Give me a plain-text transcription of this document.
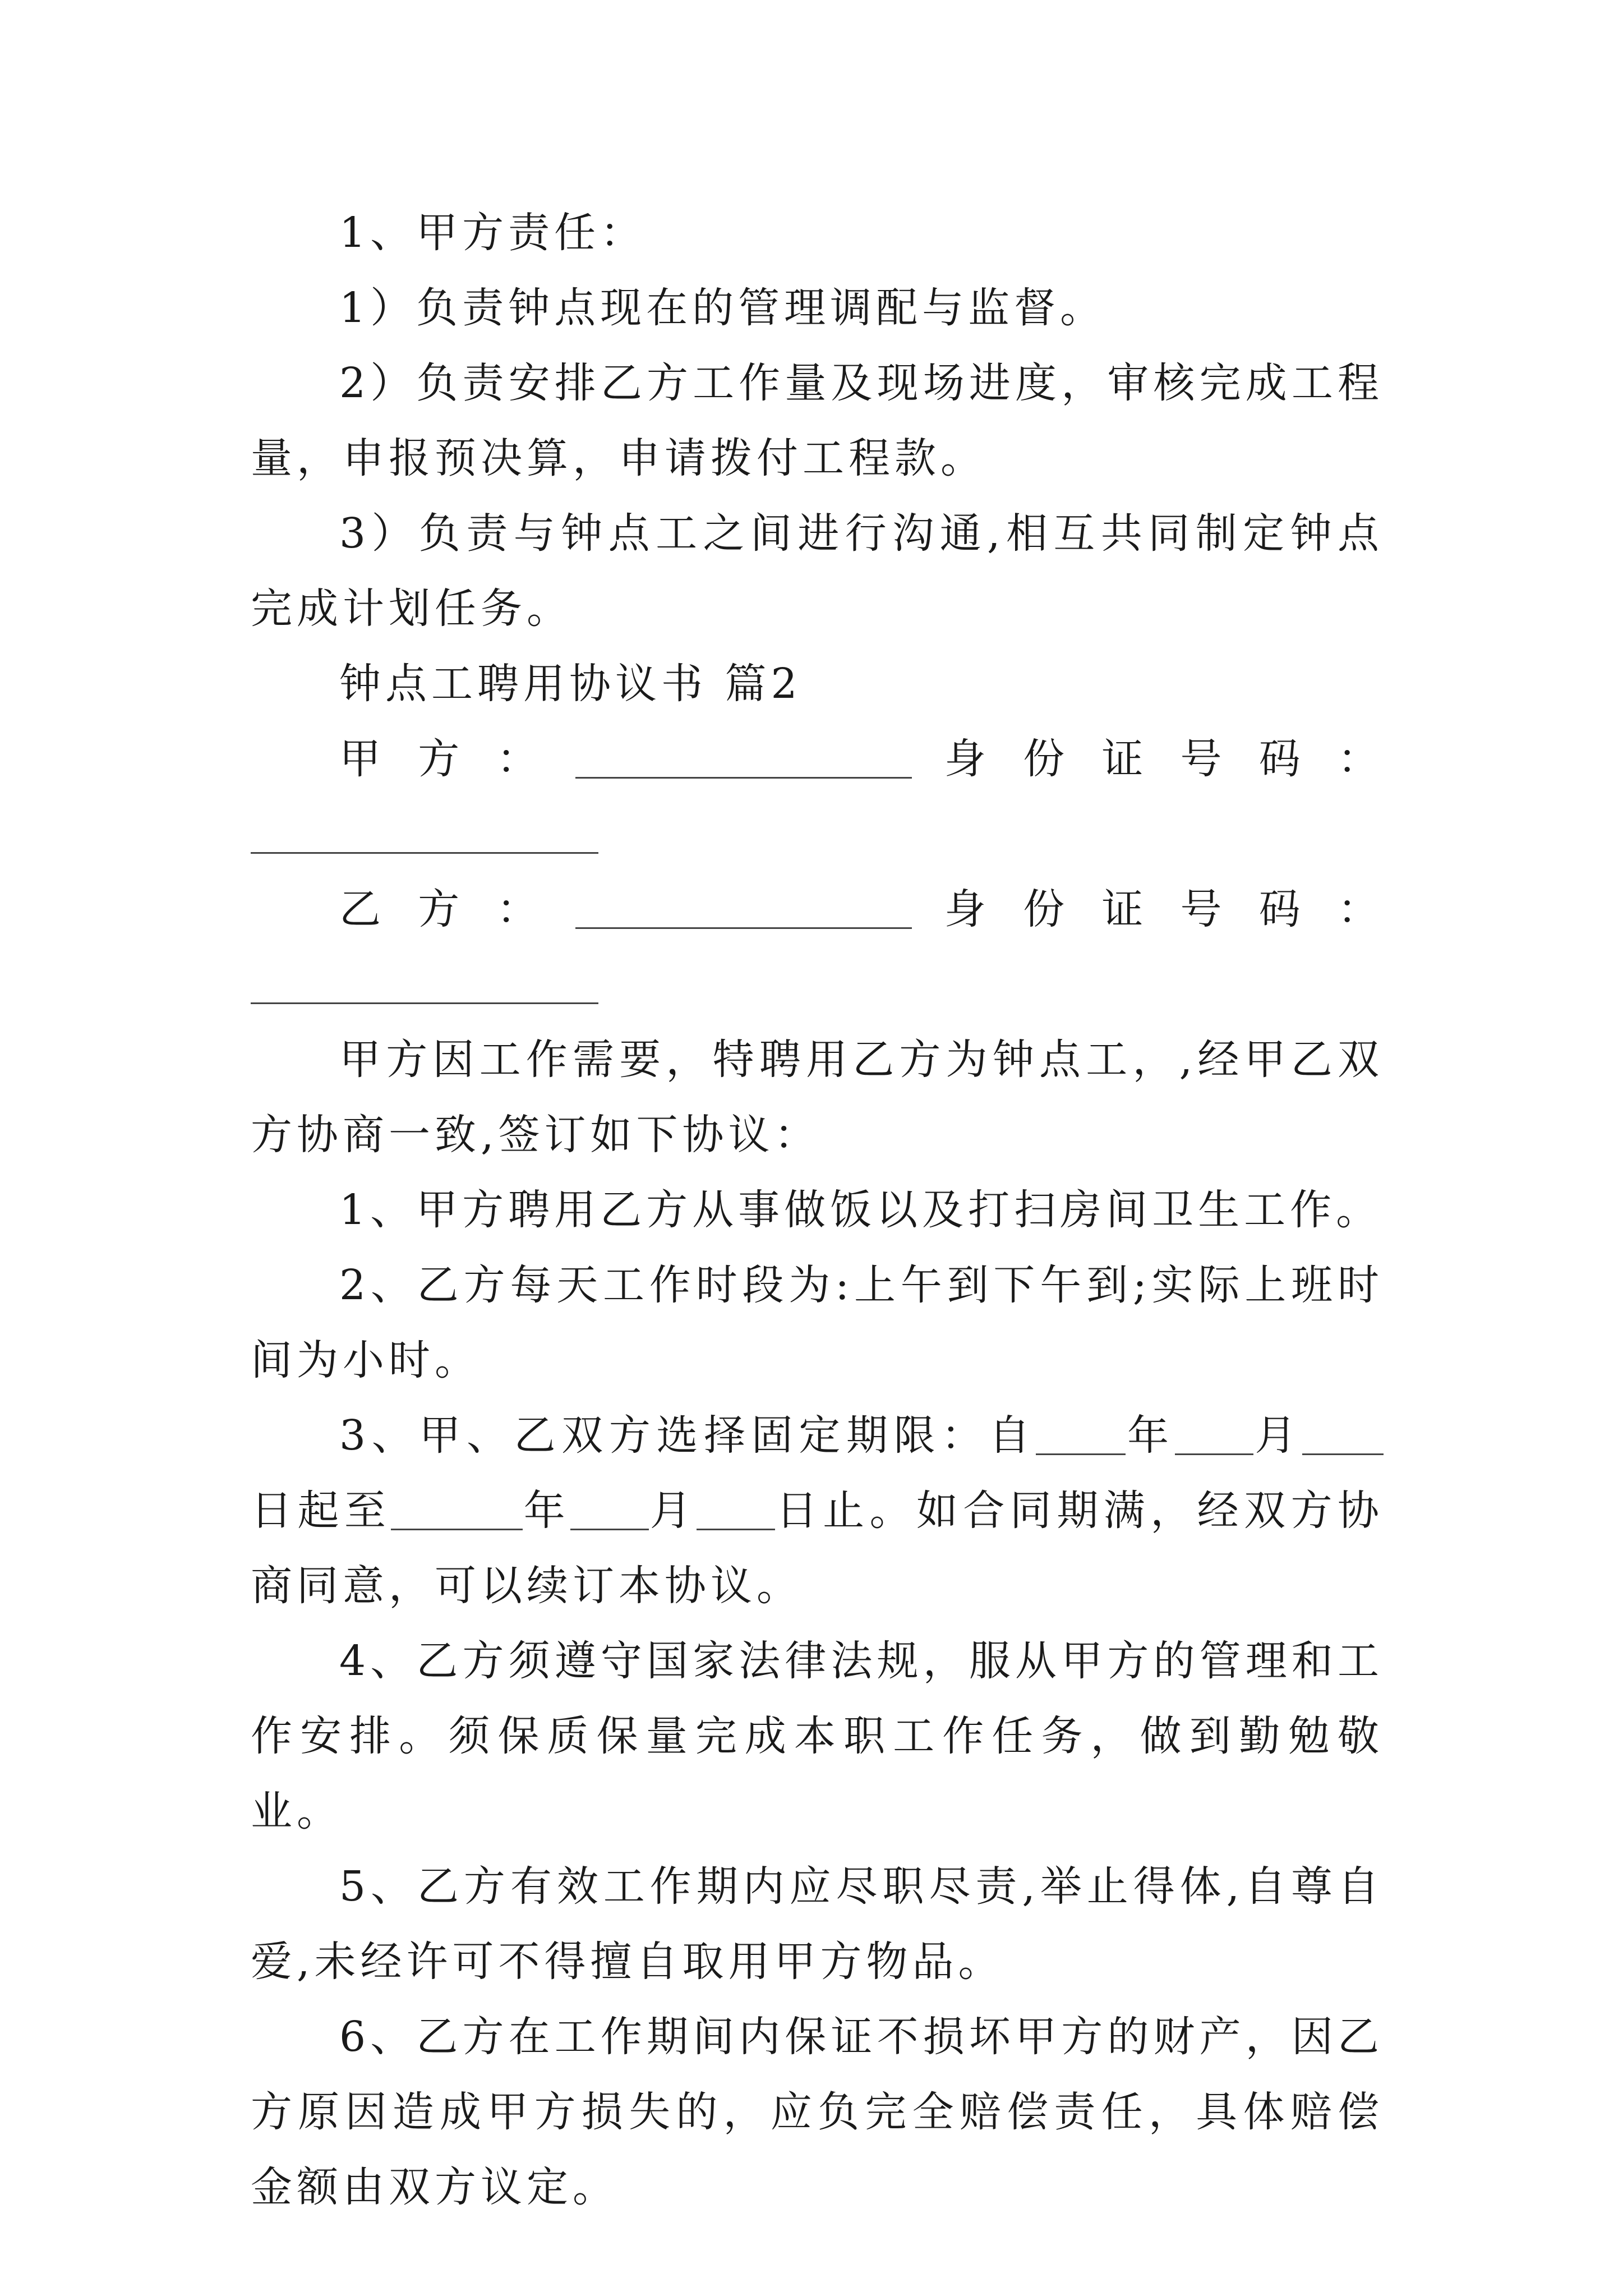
1、甲方责任：

1）负责钟点现在的管理调配与监督。

2）负责安排乙方工作量及现场进度，审核完成工程量，申报预决算，申请拨付工程款。

3）负责与钟点工之间进行沟通,相互共同制定钟点完成计划任务。

钟点工聘用协议书 篇2

甲方：	身份证号码：

乙方：	身份证号码：

甲方因工作需要，特聘用乙方为钟点工，,经甲乙双方协商一致,签订如下协议：

1、甲方聘用乙方从事做饭以及打扫房间卫生工作。

2、乙方每天工作时段为:上午到下午到;实际上班时间为小时。

3、甲、乙双方选择固定期限：自 年 月日起至	年 月 日止。如合同期满，经双方协商同意，可以续订本协议。

4、乙方须遵守国家法律法规，服从甲方的管理和工作安排。须保质保量完成本职工作任务，做到勤勉敬业。

5、乙方有效工作期内应尽职尽责,举止得体,自尊自爱,未经许可不得擅自取用甲方物品。

6、乙方在工作期间内保证不损坏甲方的财产，因乙方原因造成甲方损失的，应负完全赔偿责任，具体赔偿金额由双方议定。
